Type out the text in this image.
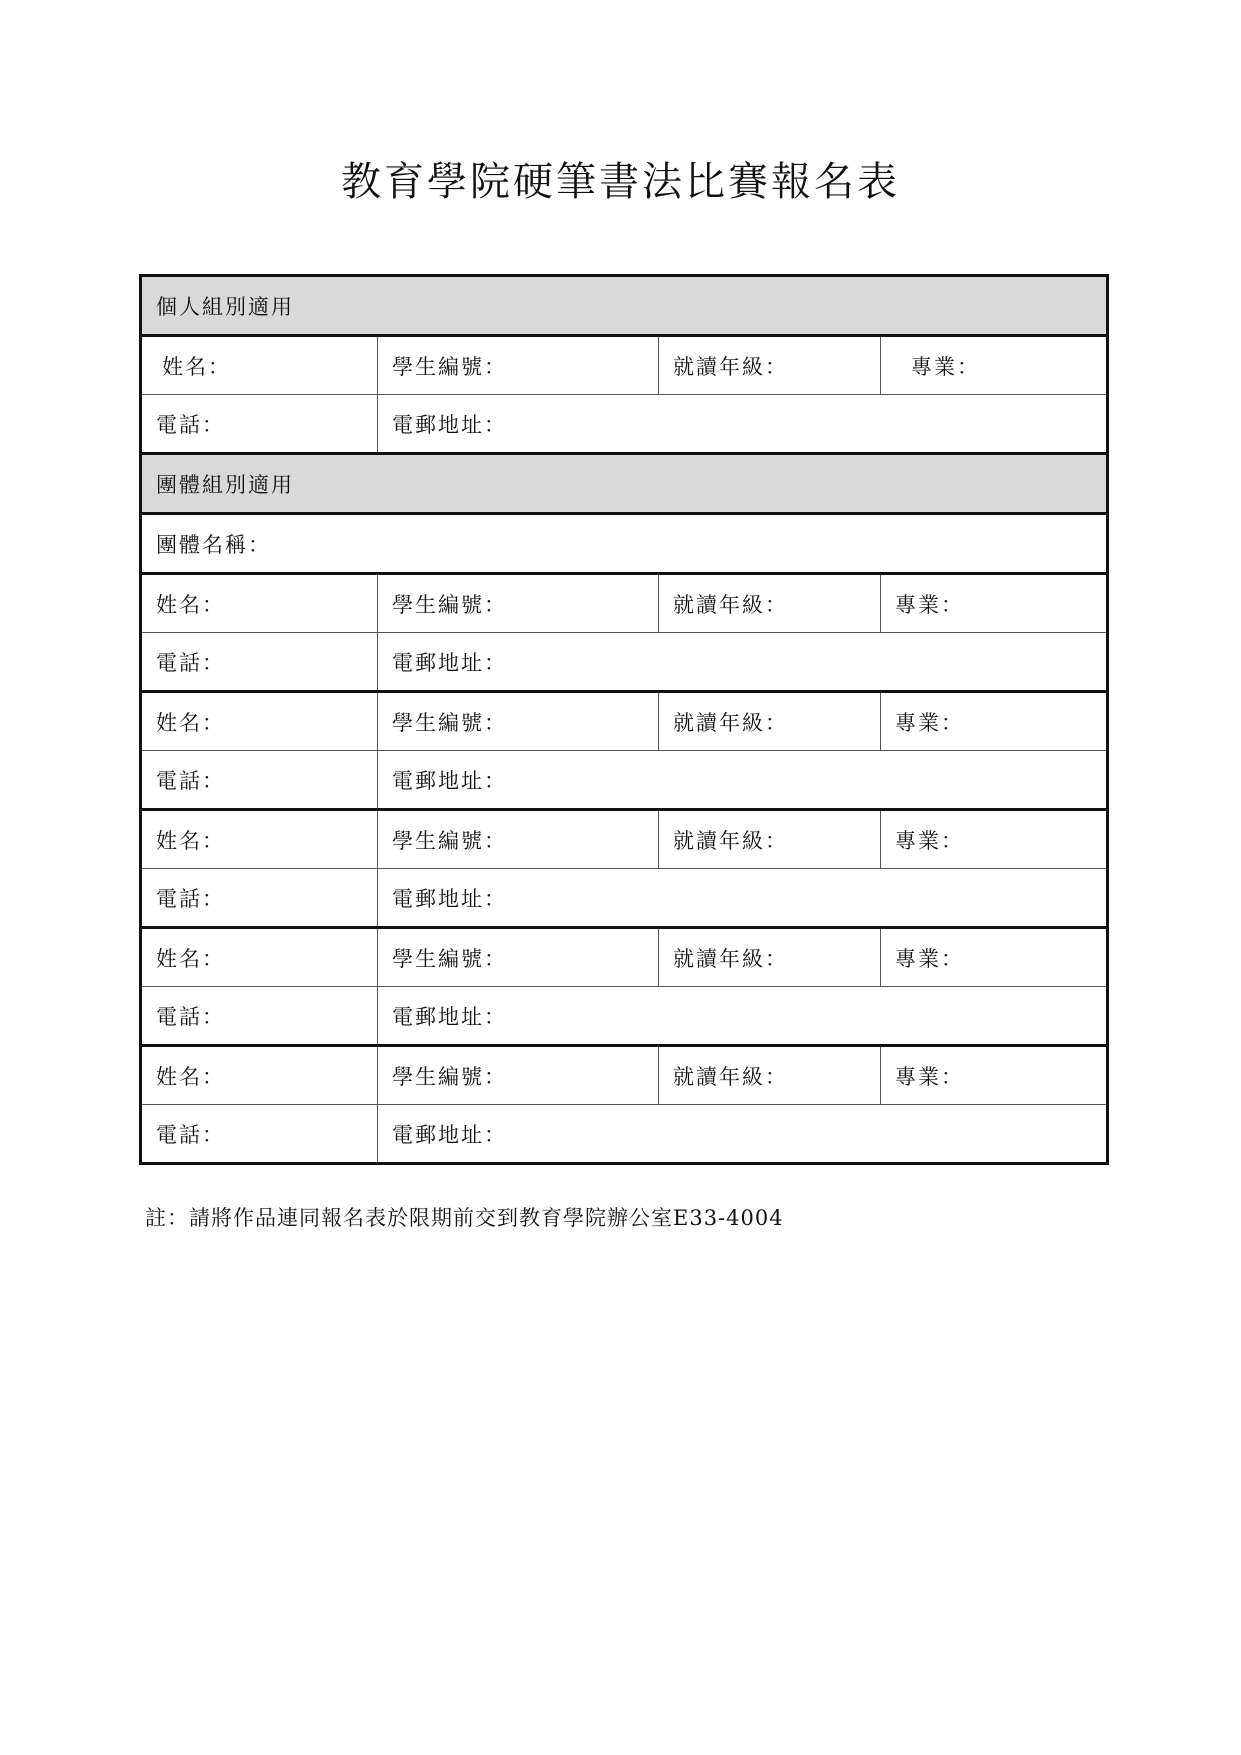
教育學院硬筆書法比賽報名表
個人組別適用			
姓名：	學生編號：	就讀年級：	專業：
電話：	電郵地址：		
團體組別適用			
團體名稱：			
姓名：	學生編號：	就讀年級：	專業：
電話：	電郵地址：		
姓名：	學生編號：	就讀年級：	專業：
電話：	電郵地址：		
姓名：	學生編號：	就讀年級：	專業：
電話：	電郵地址：		
姓名：	學生編號：	就讀年級：	專業：
電話：	電郵地址：		
姓名：	學生編號：	就讀年級：	專業：
電話：	電郵地址：		
註：請將作品連同報名表於限期前交到教育學院辦公室E33-4004
